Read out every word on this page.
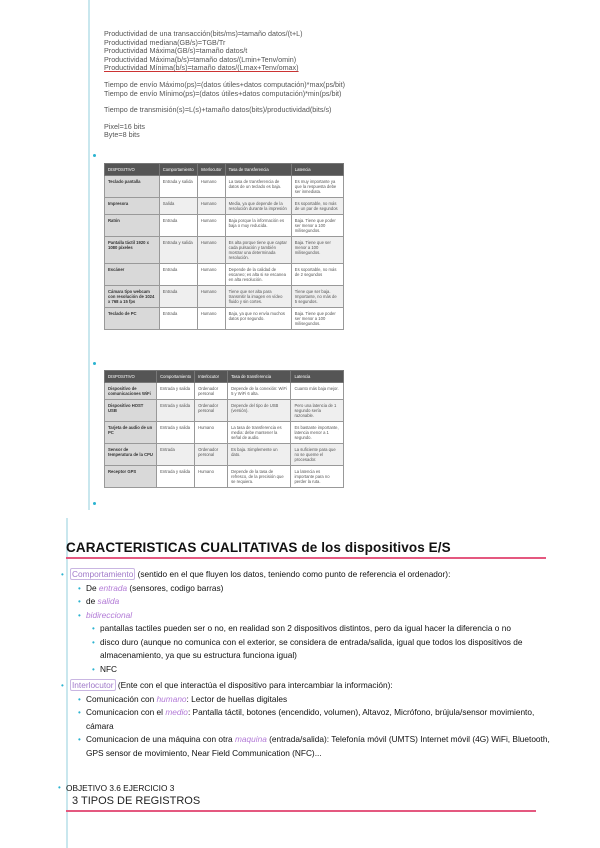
Productividad de una transacción(bits/ms)=tamaño datos/(t+L)
Productividad mediana(GB/s)=TGB/Tr
Productividad Máxima(GB/s)=tamaño datos/t
Productividad Máxima(b/s)=tamaño datos/(Lmin+Tenv/omin)
Productividad Mínima(b/s)=tamaño datos/(Lmax+Tenv/omax)
Tiempo de envío Máximo(ps)=(datos útiles+datos computación)*max(ps/bit)
Tiempo de envío Mínimo(ps)=(datos útiles+datos computación)*min(ps/bit)
Tiempo de transmisión(s)=L(s)+tamaño datos(bits)/productividad(bits/s)
Pixel=16 bits
Byte=8 bits
DISPOSITIVO	Comportamiento	Interlocutor	Tasa de transferencia	Latencia
Teclado pantalla	Entrada y salida	Humano	La tasa de transferencia de datos de un teclado es baja.	Es muy importante ya que la respuesta debe ser inmediata.
Impresora	Salida	Humano	Media, ya que depende de la resolución durante la impresión	Es soportable, no más de un par de segundos
Ratón	Entrada	Humano	Baja porque la información es baja o muy reducida.	Baja. Tiene que poder ser menor a 100 milisegundos.
Pantalla táctil 1920 x 1080 píxeles	Entrada y salida	Humano	Es alta porque tiene que captar cada pulsación y también mostrar una determinada resolución.	Baja. Tiene que ser menor a 100 milisegundos.
Escáner	Entrada	Humano	Depende de la calidad de escaneo; es alta si se escanea en alta resolución.	Es soportable, no más de 2 segundos
Cámara tipo webcam con resolución de 1024 x 768 a 15 fps	Entrada	Humano	Tiene que ser alta para transmitir la imagen en vídeo fluido y sin cortes.	Tiene que ser baja. Importante, no más de 5 segundos.
Teclado de PC	Entrada	Humano	Baja, ya que no envía muchos datos por segundo.	Baja. Tiene que poder ser menor a 100 milisegundos.
DISPOSITIVO	Comportamiento	Interlocutor	Tasa de transferencia	Latencia
Dispositivo de comunicaciones WiFi	Entrada y salida	Ordenador personal	Depende de la conexión: WiFi 5 y WiFi 6 alta.	Cuanto más baja mejor.
Dispositivo HOST USB	Entrada y salida	Ordenador personal	Depende del tipo de USB (versión).	Pero una latencia de 1 segundo sería razonable.
Tarjeta de audio de un PC	Entrada y salida	Humano	La tasa de transferencia es media: debe mantener la señal de audio.	Es bastante importante, latencia menor a 1 segundo.
Sensor de temperatura de la CPU	Entrada	Ordenador personal	Es baja. Simplemente un dato.	La suficiente para que no se queme el procesador.
Receptor GPS	Entrada y salida	Humano	Depende de la tasa de refresco, de la precisión que se requiera.	La latencia es importante para no perder la ruta.
CARACTERISTICAS CUALITATIVAS de los dispositivos E/S
• Comportamiento (sentido en el que fluyen los datos, teniendo como punto de referencia el ordenador):
• De entrada (sensores, codigo barras)
• de salida
• bidireccional
• pantallas tactiles pueden ser o no, en realidad son 2 dispositivos distintos, pero da igual hacer la diferencia o no
• disco duro (aunque no comunica con el exterior, se considera de entrada/salida, igual que todos los dispositivos de almacenamiento, ya que su estructura funciona igual)
• NFC
• Interlocutor (Ente con el que interactúa el dispositivo para intercambiar la información):
• Comunicación con humano: Lector de huellas digitales
• Comunicacion con el medio: Pantalla táctil, botones (encendido, volumen), Altavoz, Micrófono, brújula/sensor movimiento, cámara
• Comunicacion de una máquina con otra maquina (entrada/salida): Telefonía móvil (UMTS) Internet móvil (4G) WiFi, Bluetooth, GPS sensor de movimiento, Near Field Communication (NFC)...
• OBJETIVO 3.6 EJERCICIO 3
3 TIPOS DE REGISTROS
